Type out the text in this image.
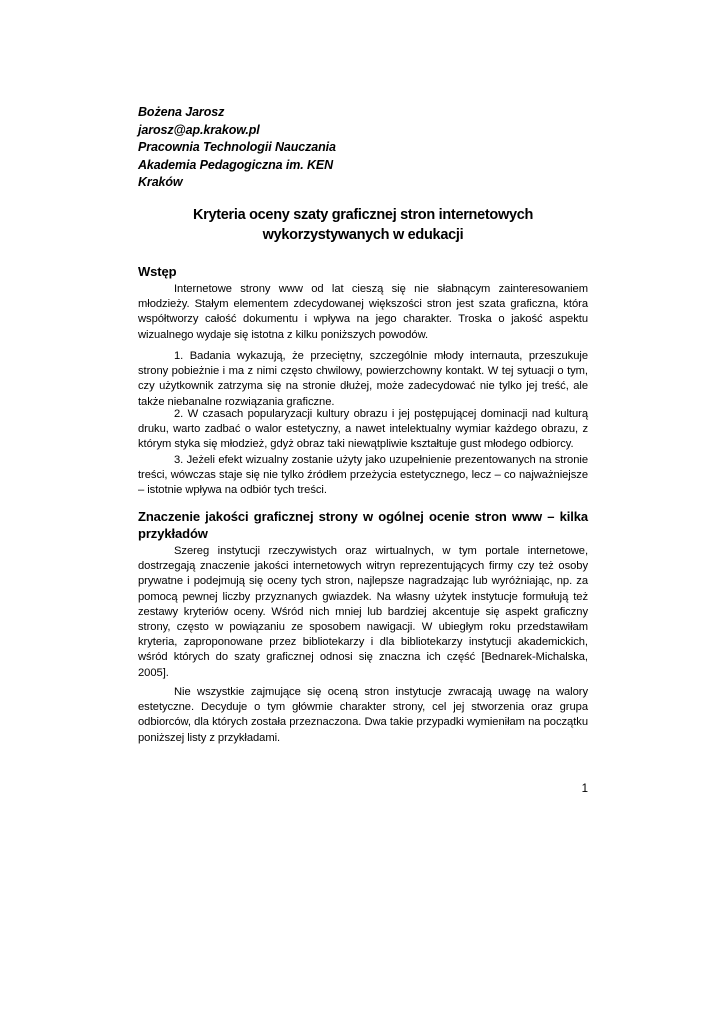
Bożena Jarosz
jarosz@ap.krakow.pl
Pracownia Technologii Nauczania
Akademia Pedagogiczna im. KEN
Kraków
Kryteria oceny szaty graficznej stron internetowych
wykorzystywanych w edukacji
Wstęp
Internetowe strony www od lat cieszą się nie słabnącym zainteresowaniem młodzieży. Stałym elementem zdecydowanej większości stron jest szata graficzna, która współtworzy całość dokumentu i wpływa na jego charakter. Troska o jakość aspektu wizualnego wydaje się istotna z kilku poniższych powodów.
1. Badania wykazują, że przeciętny, szczególnie młody internauta, przeszukuje strony pobieżnie i ma z nimi często chwilowy, powierzchowny kontakt. W tej sytuacji o tym, czy użytkownik zatrzyma się na stronie dłużej, może zadecydować nie tylko jej treść, ale także niebanalne rozwiązania graficzne.
2. W czasach popularyzacji kultury obrazu i jej postępującej dominacji nad kulturą druku, warto zadbać o walor estetyczny, a nawet intelektualny wymiar każdego obrazu, z którym styka się młodzież, gdyż obraz taki niewątpliwie kształtuje gust młodego odbiorcy.
3. Jeżeli efekt wizualny zostanie użyty jako uzupełnienie prezentowanych na stronie treści, wówczas staje się nie tylko źródłem przeżycia estetycznego, lecz – co najważniejsze – istotnie wpływa na odbiór tych treści.
Znaczenie jakości graficznej strony w ogólnej ocenie stron www – kilka przykładów
Szereg instytucji rzeczywistych oraz wirtualnych, w tym portale internetowe, dostrzegają znaczenie jakości internetowych witryn reprezentujących firmy czy też osoby prywatne i podejmują się oceny tych stron, najlepsze nagradzając lub wyróżniając, np. za pomocą pewnej liczby przyznanych gwiazdek. Na własny użytek instytucje formułują też zestawy kryteriów oceny. Wśród nich mniej lub bardziej akcentuje się aspekt graficzny strony, często w powiązaniu ze sposobem nawigacji. W ubiegłym roku przedstawiłam kryteria, zaproponowane przez bibliotekarzy i dla bibliotekarzy instytucji akademickich, wśród których do szaty graficznej odnosi się znaczna ich część [Bednarek-Michalska, 2005].
Nie wszystkie zajmujące się oceną stron instytucje zwracają uwagę na walory estetyczne. Decyduje o tym główmie charakter strony, cel jej stworzenia oraz grupa odbiorców, dla których została przeznaczona. Dwa takie przypadki wymieniłam na początku poniższej listy z przykładami.
1
